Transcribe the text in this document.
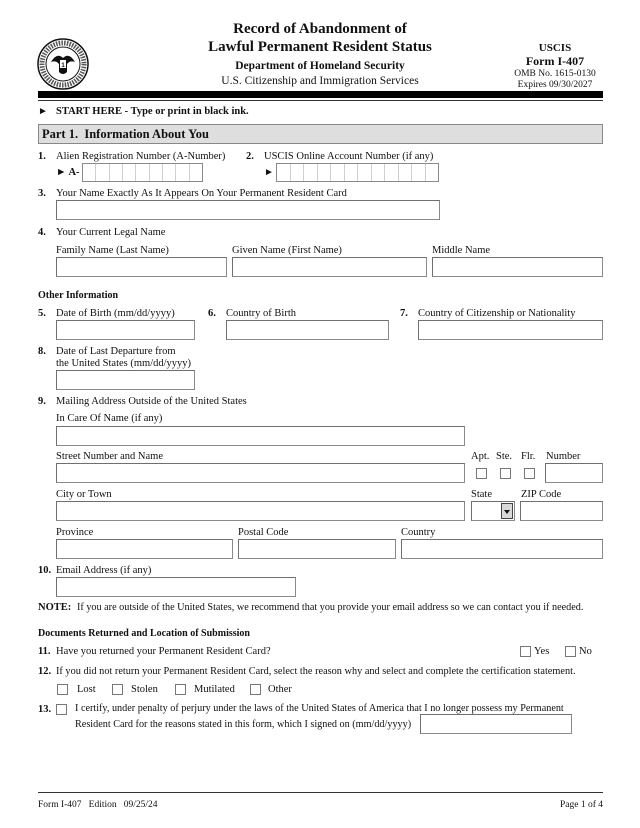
1
Record of Abandonment of
Lawful Permanent Resident Status
Department of Homeland Security
U.S. Citizenship and Immigration Services
USCIS
Form I-407
OMB No. 1615-0130
Expires 09/30/2027
► START HERE - Type or print in black ink.
Part 1.  Information About You
1. Alien Registration Number (A-Number)
► A-
2. USCIS Online Account Number (if any)
►
3. Your Name Exactly As It Appears On Your Permanent Resident Card
4. Your Current Legal Name
Family Name (Last Name)	Given Name (First Name)	Middle Name
Other Information
5. Date of Birth (mm/dd/yyyy)	6. Country of Birth	7. Country of Citizenship or Nationality
8. Date of Last Departure from
the United States (mm/dd/yyyy)
9. Mailing Address Outside of the United States
In Care Of Name (if any)
Street Number and Name	Apt. Ste. Flr. Number
City or Town	State	ZIP Code
Province	Postal Code	Country
10. Email Address (if any)
NOTE: If you are outside of the United States, we recommend that you provide your email address so we can contact you if needed.
Documents Returned and Location of Submission
11. Have you returned your Permanent Resident Card?	Yes	No
12. If you did not return your Permanent Resident Card, select the reason why and select and complete the certification statement.
Lost	Stolen	Mutilated	Other
13. I certify, under penalty of perjury under the laws of the United States of America that I no longer possess my Permanent
Resident Card for the reasons stated in this form, which I signed on (mm/dd/yyyy)
Form I-407   Edition   09/25/24	Page 1 of 4
